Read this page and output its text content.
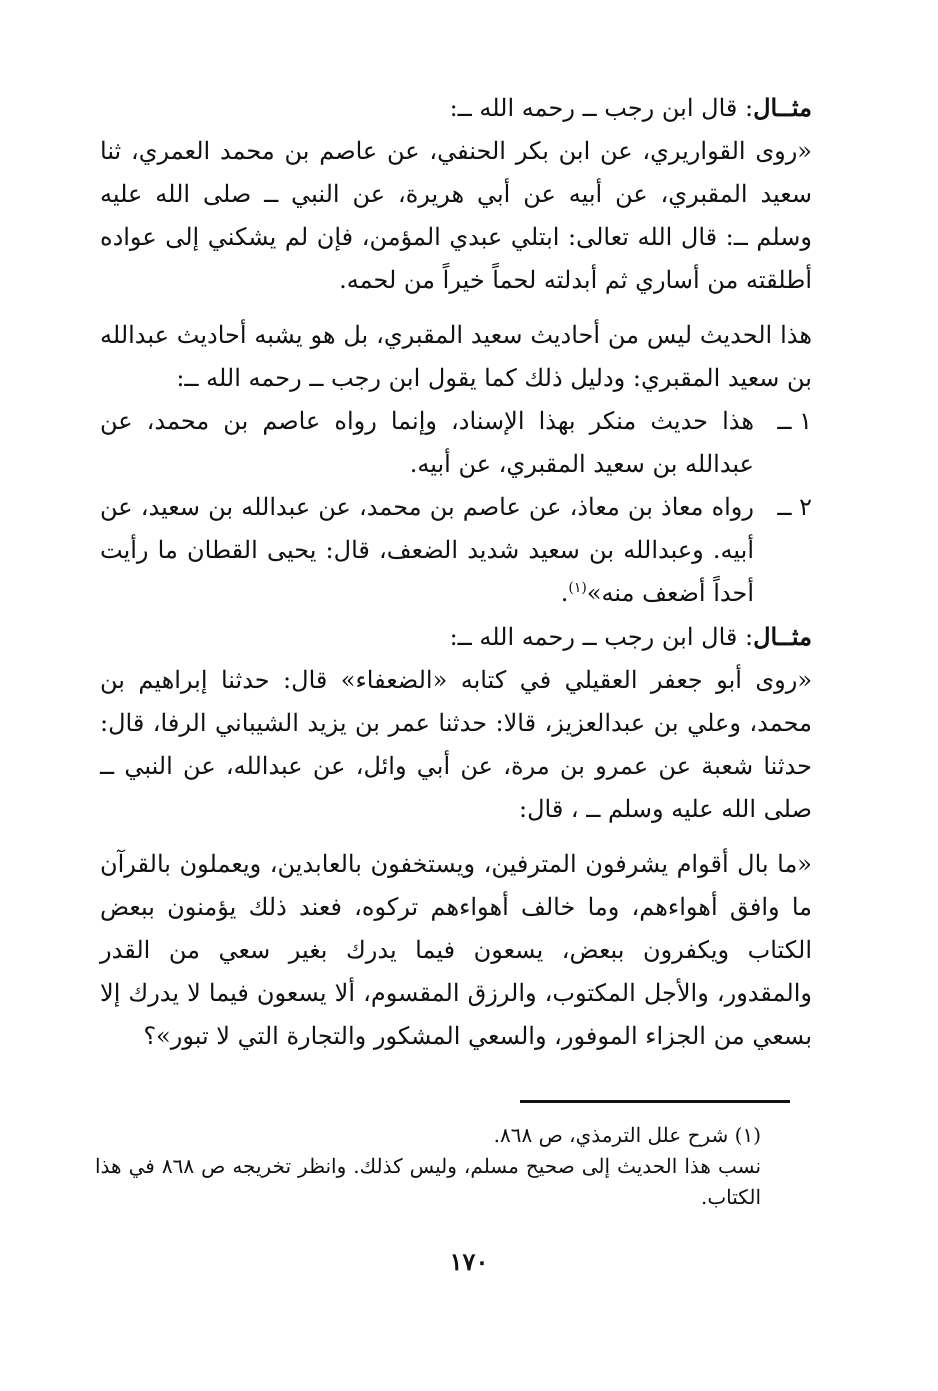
مثــال: قال ابن رجب ــ رحمه الله ــ:

«روى القواريري، عن ابن بكر الحنفي، عن عاصم بن محمد العمري، ثنا سعيد المقبري، عن أبيه عن أبي هريرة، عن النبي ــ صلى الله عليه وسلم ــ: قال الله تعالى: ابتلي عبدي المؤمن، فإن لم يشكني إلى عواده أطلقته من أساري ثم أبدلته لحماً خيراً من لحمه.

هذا الحديث ليس من أحاديث سعيد المقبري، بل هو يشبه أحاديث عبدالله بن سعيد المقبري: ودليل ذلك كما يقول ابن رجب ــ رحمه الله ــ:

١ ــ
هذا حديث منكر بهذا الإسناد، وإنما رواه عاصم بن محمد، عن عبدالله بن سعيد المقبري، عن أبيه.

٢ ــ
رواه معاذ بن معاذ، عن عاصم بن محمد، عن عبدالله بن سعيد، عن أبيه. وعبدالله بن سعيد شديد الضعف، قال: يحيى القطان ما رأيت أحداً أضعف منه»$^{(١)}$.

مثــال: قال ابن رجب ــ رحمه الله ــ:

«روى أبو جعفر العقيلي في كتابه «الضعفاء» قال: حدثنا إبراهيم بن محمد، وعلي بن عبدالعزيز، قالا: حدثنا عمر بن يزيد الشيباني الرفا، قال: حدثنا شعبة عن عمرو بن مرة، عن أبي وائل، عن عبدالله، عن النبي ــ صلى الله عليه وسلم ــ ، قال:

«ما بال أقوام يشرفون المترفين، ويستخفون بالعابدين، ويعملون بالقرآن ما وافق أهواءهم، وما خالف أهواءهم تركوه، فعند ذلك يؤمنون ببعض الكتاب ويكفرون ببعض، يسعون فيما يدرك بغير سعي من القدر والمقدور، والأجل المكتوب، والرزق المقسوم، ألا يسعون فيما لا يدرك إلا بسعي من الجزاء الموفور، والسعي المشكور والتجارة التي لا تبور»؟

(١) شرح علل الترمذي، ص ٨٦٨.

نسب هذا الحديث إلى صحيح مسلم، وليس كذلك. وانظر تخريجه ص ٨٦٨ في هذا الكتاب.

١٧٠
